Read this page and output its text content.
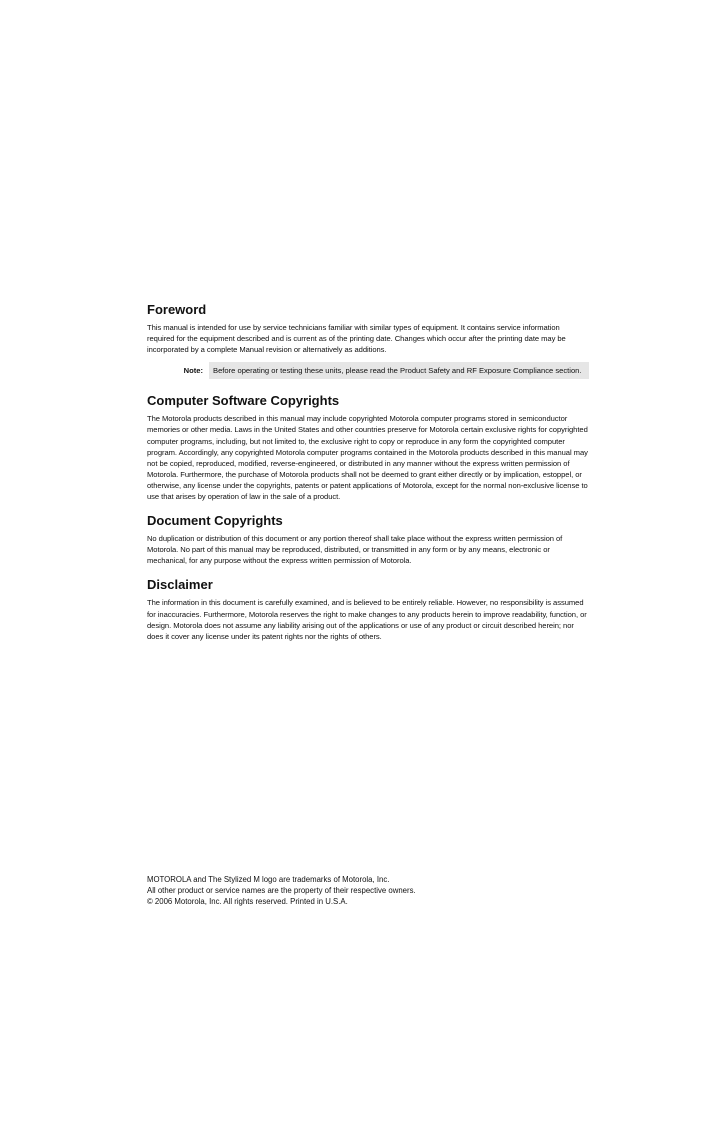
Foreword

This manual is intended for use by service technicians familiar with similar types of equipment. It contains service information required for the equipment described and is current as of the printing date. Changes which occur after the printing date may be incorporated by a complete Manual revision or alternatively as additions.

Note:	Before operating or testing these units, please read the Product Safety and RF Exposure Compliance section.
Computer Software Copyrights

The Motorola products described in this manual may include copyrighted Motorola computer programs stored in semiconductor memories or other media. Laws in the United States and other countries preserve for Motorola certain exclusive rights for copyrighted computer programs, including, but not limited to, the exclusive right to copy or reproduce in any form the copyrighted computer program. Accordingly, any copyrighted Motorola computer programs contained in the Motorola products described in this manual may not be copied, reproduced, modified, reverse-engineered, or distributed in any manner without the express written permission of Motorola. Furthermore, the purchase of Motorola products shall not be deemed to grant either directly or by implication, estoppel, or otherwise, any license under the copyrights, patents or patent applications of Motorola, except for the normal non-exclusive license to use that arises by operation of law in the sale of a product.

Document Copyrights

No duplication or distribution of this document or any portion thereof shall take place without the express written permission of Motorola. No part of this manual may be reproduced, distributed, or transmitted in any form or by any means, electronic or mechanical, for any purpose without the express written permission of Motorola.

Disclaimer

The information in this document is carefully examined, and is believed to be entirely reliable. However, no responsibility is assumed for inaccuracies. Furthermore, Motorola reserves the right to make changes to any products herein to improve readability, function, or design. Motorola does not assume any liability arising out of the applications or use of any product or circuit described herein; nor does it cover any license under its patent rights nor the rights of others.

MOTOROLA and The Stylized M logo are trademarks of Motorola, Inc.
All other product or service names are the property of their respective owners.
© 2006 Motorola, Inc. All rights reserved. Printed in U.S.A.
